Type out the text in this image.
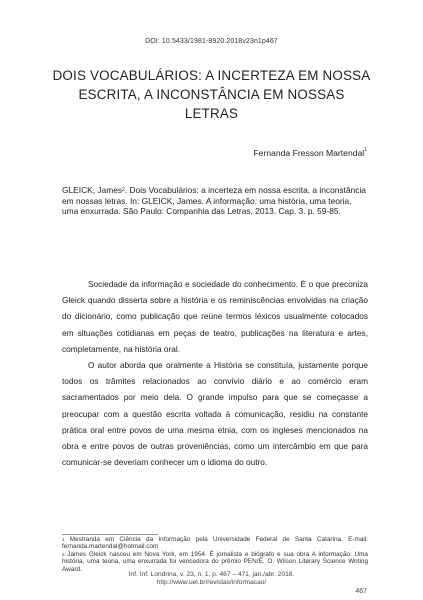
DOI: 10.5433/1981-8920.2018v23n1p467
DOIS VOCABULÁRIOS: A INCERTEZA EM NOSSA ESCRITA, A INCONSTÂNCIA EM NOSSAS LETRAS
Fernanda Fresson Martendal$^1$
GLEICK, James$^2$. Dois Vocabulários: a incerteza em nossa escrita, a inconstância em nossas letras. In: GLEICK, James. A informação: uma história, uma teoria, uma enxurrada. São Paulo: Companhia das Letras, 2013. Cap. 3. p. 59-85.

Sociedade da informação e sociedade do conhecimento. É o que preconiza Gleick quando disserta sobre a história e os reminiscências envolvidas na criação do dicionário, como publicação que reúne termos léxicos usualmente colocados em situações cotidianas em peças de teatro, publicações na literatura e artes, completamente, na história oral.

O autor aborda que oralmente a História se constituía, justamente porque todos os trâmites relacionados ao convívio diário e ao comércio eram sacramentados por meio dela. O grande impulso para que se começasse a preocupar com a questão escrita voltada à comunicação, residiu na constante prática oral entre povos de uma mesma etnia, com os ingleses mencionados na obra e entre povos de outras proveniências, como um intercâmbio em que para comunicar-se deveriam conhecer um o idioma do outro.

$^1$ Mestranda em Ciência da Informação pela Universidade Federal de Santa Catarina. E-mail: fernanda.martendal@hotmail.com

$^2$ James Gleick nasceu em Nova York, em 1954. É jornalista e biógrafo e sua obra A informação: Uma história, uma teoria, uma enxurrada foi vencedora do prêmio PEN/E. O. Wilson Literary Science Writing Award.

Inf. Inf. Londrina, v. 23, n. 1, p. 467 – 471, jan./abr. 2018.
http://www.uel.br/revistas/informacao/
467
